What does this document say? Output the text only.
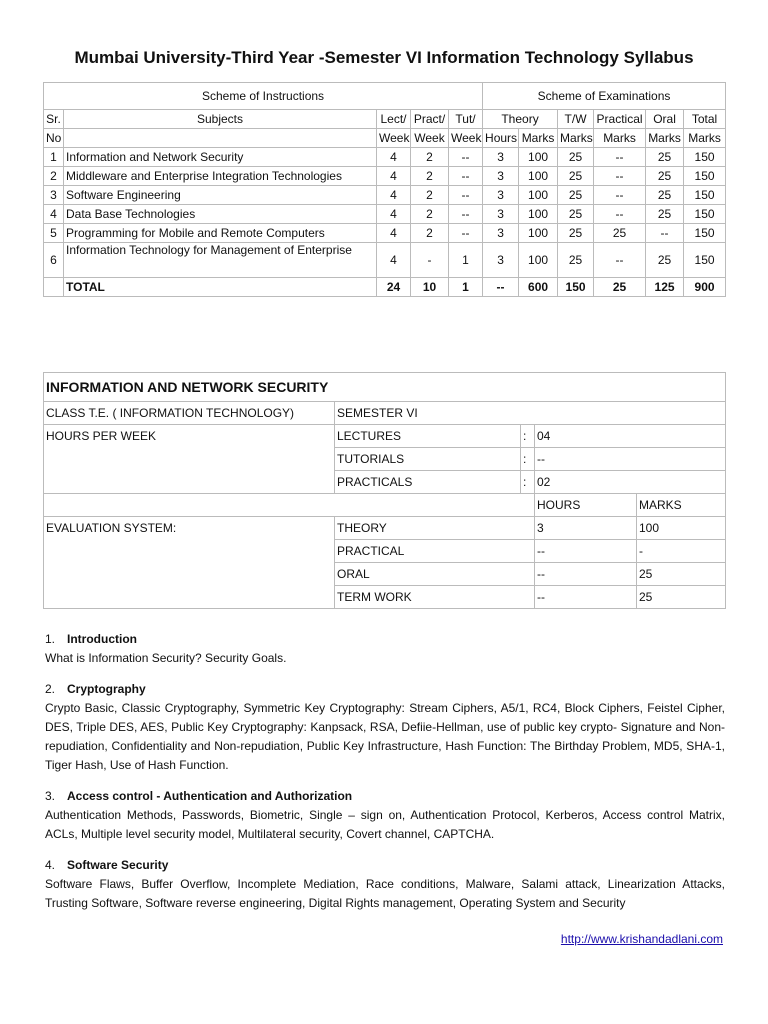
Mumbai University-Third Year -Semester VI Information Technology Syllabus
Scheme of Instructions					Scheme of Examinations					
Sr.	Subjects	Lect/	Pract/	Tut/	Theory		T/W	Practical	Oral	Total
No		Week	Week	Week	Hours	Marks	Marks	Marks	Marks	Marks
1	Information and Network Security	4	2	--	3	100	25	--	25	150
2	Middleware and Enterprise Integration Technologies	4	2	--	3	100	25	--	25	150
3	Software Engineering	4	2	--	3	100	25	--	25	150
4	Data Base Technologies	4	2	--	3	100	25	--	25	150
5	Programming for Mobile and Remote Computers	4	2	--	3	100	25	25	--	150
6	Information Technology for Management of Enterprise	4	-	1	3	100	25	--	25	150
	TOTAL	24	10	1	--	600	150	25	125	900
INFORMATION AND NETWORK SECURITY				
CLASS T.E. ( INFORMATION TECHNOLOGY)	SEMESTER VI			
HOURS PER WEEK	LECTURES	:	04	
	TUTORIALS	:	--	
	PRACTICALS	:	02	
			HOURS	MARKS
EVALUATION SYSTEM:	THEORY		3	100
	PRACTICAL		--	-
	ORAL		--	25
	TERM WORK		--	25
1. Introduction
What is Information Security? Security Goals.
2. Cryptography
Crypto Basic, Classic Cryptography, Symmetric Key Cryptography: Stream Ciphers, A5/1, RC4, Block Ciphers, Feistel Cipher, DES, Triple DES, AES, Public Key Cryptography: Kanpsack, RSA, Defiie-Hellman, use of public key crypto- Signature and Non-repudiation, Confidentiality and Non-repudiation, Public Key Infrastructure, Hash Function: The Birthday Problem, MD5, SHA-1, Tiger Hash, Use of Hash Function.
3. Access control - Authentication and Authorization
Authentication Methods, Passwords, Biometric, Single – sign on, Authentication Protocol, Kerberos, Access control Matrix, ACLs, Multiple level security model, Multilateral security, Covert channel, CAPTCHA.
4. Software Security
Software Flaws, Buffer Overflow, Incomplete Mediation, Race conditions, Malware, Salami attack, Linearization Attacks, Trusting Software, Software reverse engineering, Digital Rights management, Operating System and Security
http://www.krishandadlani.com
